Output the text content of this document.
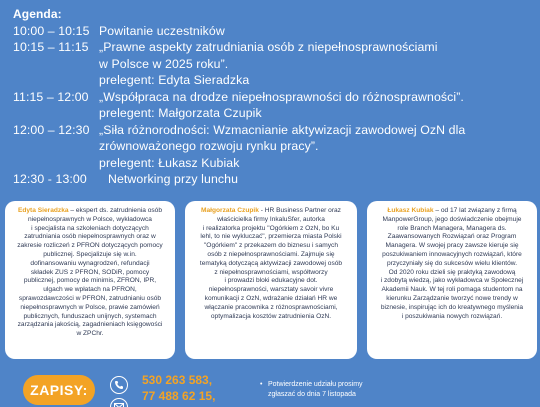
Agenda:
10:00 – 10:15 Powitanie uczestników
10:15 – 11:15 „Prawne aspekty zatrudniania osób z niepełnosprawnościami
w Polsce w 2025 roku”.
prelegent: Edyta Sieradzka
11:15 – 12:00 „Współpraca na drodze niepełnosprawności do różnosprawności”.
prelegent: Małgorzata Czupik
12:00 – 12:30 „Siła różnorodności: Wzmacnianie aktywizacji zawodowej OzN dla
zrównoważonego rozwoju rynku pracy”.
prelegent: Łukasz Kubiak
12:30 - 13:00	Networking przy lunchu
Edyta Sieradzka – ekspert ds. zatrudnienia osób
niepełnosprawnych w Polsce, wykładowca
i specjalista na szkoleniach dotyczących
zatrudniania osób niepełnosprawnych oraz w
zakresie rozliczeń z PFRON dotyczących pomocy
publicznej. Specjalizuje się w.in.
dofinansowaniu wynagrodzeń, refundacji
składek ZUS z PFRON, SODiR, pomocy
publicznej, pomocy de minimis, ZFRON, IPR,
ulgach we wpłatach na PFRON,
sprawozdawczości w PFRON, zatrudnianiu osób
niepełnosprawnych w Polsce, prawie zamówień
publicznych, funduszach unijnych, systemach
zarządzania jakością, zagadnieniach księgowości
w ZPChr.
Małgorzata Czupik - HR Business Partner oraz
właścicielka firmy InkaluSfer, autorka
i realizatorka projektu "Ogórkiem z OzN, bo Ku
lehl, to nie wykluczać", przemierza miasta Polski
"Ogórkiem" z przekazem do biznesu i samych
osób z niepełnosprawnościami. Zajmuje się
tematyką dotyczącą aktywizacji zawodowej osób
z niepełnosprawnościami, współtworzy
i prowadzi bloki edukacyjne dot.
niepełnosprawności, warsztaty savoir vivre
komunikacji z OzN, wdrażanie działań HR we
włączanie pracownika z różnosprawnościami,
optymalizacja kosztów zatrudnienia OzN.
Łukasz Kubiak – od 17 lat związany z firmą
ManpowerGroup, jego doświadczenie obejmuje
role Branch Managera, Managera ds.
Zaawansowanych Rozwiązań oraz Program
Managera. W swojej pracy zawsze kieruje się
poszukiwaniem innowacyjnych rozwiązań, które
przyczyniały się do sukcesów wielu klientów.
Od 2020 roku dzieli się praktyką zawodową
i zdobytą wiedzą, jako wykładowca w Społecznej
Akademii Nauk. W tej roli pomaga studentom na
kierunku Zarządzanie tworzyć nowe trendy w
biznesie, inspirując ich do kreatywnego myślenia
i poszukiwania nowych rozwiązań.
ZAPISY:
530 263 583,
77 488 62 15,
• Potwierdzenie udziału prosimy
zgłaszać do dnia 7 listopada
